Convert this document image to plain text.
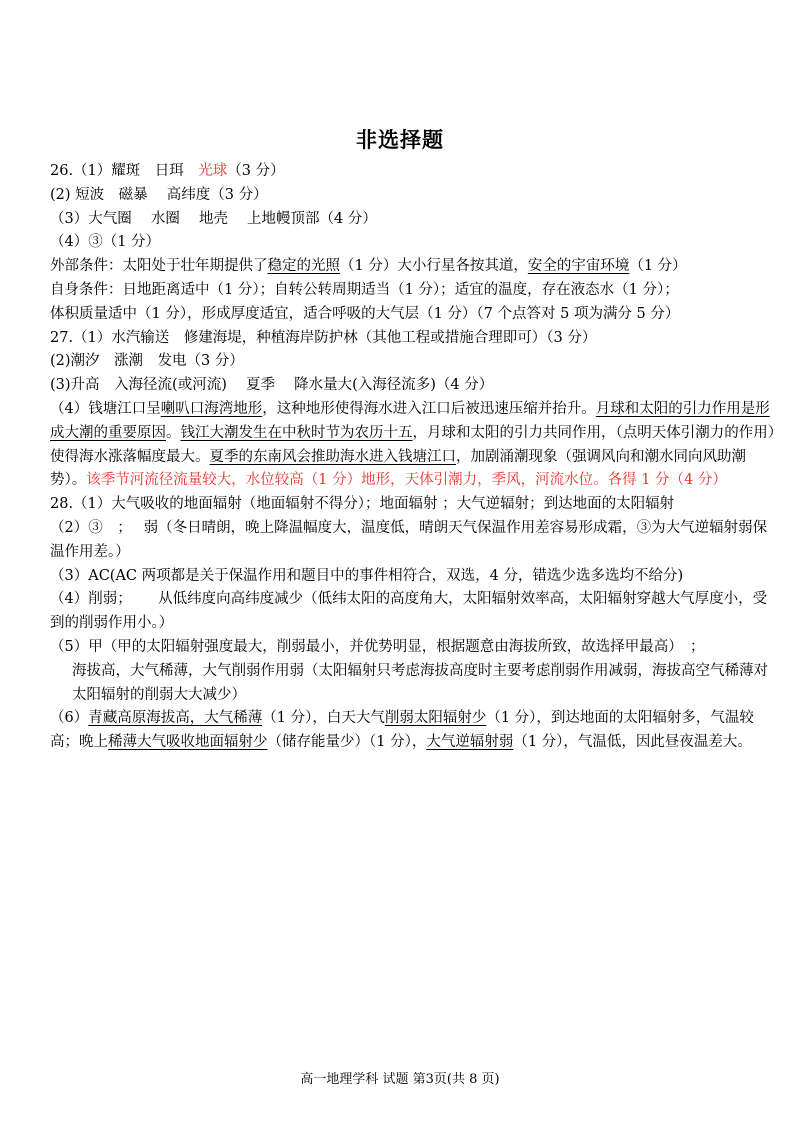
非选择题
26.（1）耀斑　日珥　光球（3 分）
(2) 短波　磁暴　 高纬度（3 分）
（3）大气圈　 水圈　 地壳　 上地幔顶部（4 分）
（4）③（1 分）
外部条件：太阳处于壮年期提供了稳定的光照（1 分）大小行星各按其道，安全的宇宙环境（1 分）
自身条件：日地距离适中（1 分）；自转公转周期适当（1 分）；适宜的温度，存在液态水（1 分）；
体积质量适中（1 分），形成厚度适宜，适合呼吸的大气层（1 分）（7 个点答对 5 项为满分 5 分）
27.（1）水汽输送　修建海堤，种植海岸防护林（其他工程或措施合理即可）（3 分）
(2)潮汐　涨潮　发电（3 分）
(3)升高　入海径流(或河流)　 夏季　 降水量大(入海径流多)（4 分）
（4）钱塘江口呈喇叭口海湾地形，这种地形使得海水进入江口后被迅速压缩并抬升。月球和太阳的引力作用是形成大潮的重要原因。钱江大潮发生在中秋时节为农历十五，月球和太阳的引力共同作用，（点明天体引潮力的作用）使得海水涨落幅度最大。夏季的东南风会推助海水进入钱塘江口，加剧涌潮现象（强调风向和潮水同向风助潮势）。该季节河流径流量较大，水位较高（1 分）地形，天体引潮力，季风，河流水位。各得 1 分（4 分）
28.（1）大气吸收的地面辐射（地面辐射不得分）；地面辐射 ；大气逆辐射；到达地面的太阳辐射
（2）③　；　 弱（冬日晴朗，晚上降温幅度大，温度低，晴朗天气保温作用差容易形成霜，③为大气逆辐射弱保温作用差。）
（3）AC(AC 两项都是关于保温作用和题目中的事件相符合，双选，4 分，错选少选多选均不给分)
（4）削弱；　　 从低纬度向高纬度减少（低纬太阳的高度角大，太阳辐射效率高，太阳辐射穿越大气厚度小，受到的削弱作用小。）
（5）甲（甲的太阳辐射强度最大，削弱最小，并优势明显，根据题意由海拔所致，故选择甲最高）　；
海拔高，大气稀薄，大气削弱作用弱（太阳辐射只考虑海拔高度时主要考虑削弱作用减弱，海拔高空气稀薄对太阳辐射的削弱大大减少）
（6）青藏高原海拔高，大气稀薄（1 分），白天大气削弱太阳辐射少（1 分），到达地面的太阳辐射多，气温较高；晚上稀薄大气吸收地面辐射少（储存能量少）（1 分），大气逆辐射弱（1 分），气温低，因此昼夜温差大。
高一地理学科 试题 第3页(共 8 页)
